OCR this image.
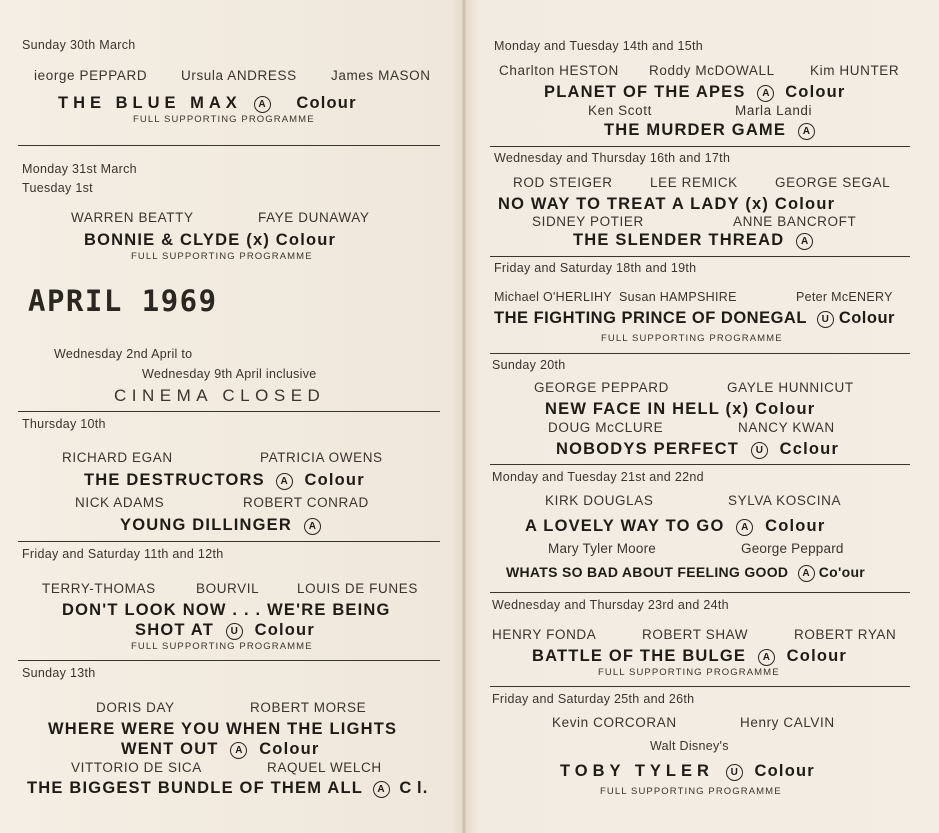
Sunday 30th March
ieorge PEPPARD	Ursula ANDRESS	James MASON
THE BLUE MAX A Colour
FULL SUPPORTING PROGRAMME
Monday 31st March
Tuesday 1st
WARREN BEATTY	FAYE DUNAWAY
BONNIE & CLYDE (x) Colour
FULL SUPPORTING PROGRAMME
APRIL 1969
Wednesday 2nd April to
Wednesday 9th April inclusive
CINEMA CLOSED
Thursday 10th
RICHARD EGAN	PATRICIA OWENS
THE DESTRUCTORS A Colour
NICK ADAMS	ROBERT CONRAD
YOUNG DILLINGER A
Friday and Saturday 11th and 12th
TERRY-THOMAS	BOURVIL	LOUIS DE FUNES
DON'T LOOK NOW . . . WE'RE BEING
SHOT AT U Colour
FULL SUPPORTING PROGRAMME
Sunday 13th
DORIS DAY	ROBERT MORSE
WHERE WERE YOU WHEN THE LIGHTS
WENT OUT A Colour
VITTORIO DE SICA	RAQUEL WELCH
THE BIGGEST BUNDLE OF THEM ALL A C l.
Monday and Tuesday 14th and 15th
Charlton HESTON Roddy McDOWALL	Kim HUNTER
PLANET OF THE APES A Colour
Ken Scott	Marla Landi
THE MURDER GAME A
Wednesday and Thursday 16th and 17th
ROD STEIGER	LEE REMICK	GEORGE SEGAL
NO WAY TO TREAT A LADY (x) Colour
SIDNEY POTIER	ANNE BANCROFT
THE SLENDER THREAD A
Friday and Saturday 18th and 19th
Michael O'HERLIHY Susan HAMPSHIRE	Peter McENERY
THE FIGHTING PRINCE OF DONEGAL U Colour
FULL SUPPORTING PROGRAMME
Sunday 20th
GEORGE PEPPARD	GAYLE HUNNICUT
NEW FACE IN HELL (x) Colour
DOUG McCLURE	NANCY KWAN
NOBODYS PERFECT U Cclour
Monday and Tuesday 21st and 22nd
KIRK DOUGLAS	SYLVA KOSCINA
A LOVELY WAY TO GO A Colour
Mary Tyler Moore	George Peppard
WHATS SO BAD ABOUT FEELING GOOD A Co'our
Wednesday and Thursday 23rd and 24th
HENRY FONDA	ROBERT SHAW	ROBERT RYAN
BATTLE OF THE BULGE A Colour
FULL SUPPORTING PROGRAMME
Friday and Saturday 25th and 26th
Kevin CORCORAN	Henry CALVIN
Walt Disney's
TOBY TYLER U Colour
FULL SUPPORTING PROGRAMME
